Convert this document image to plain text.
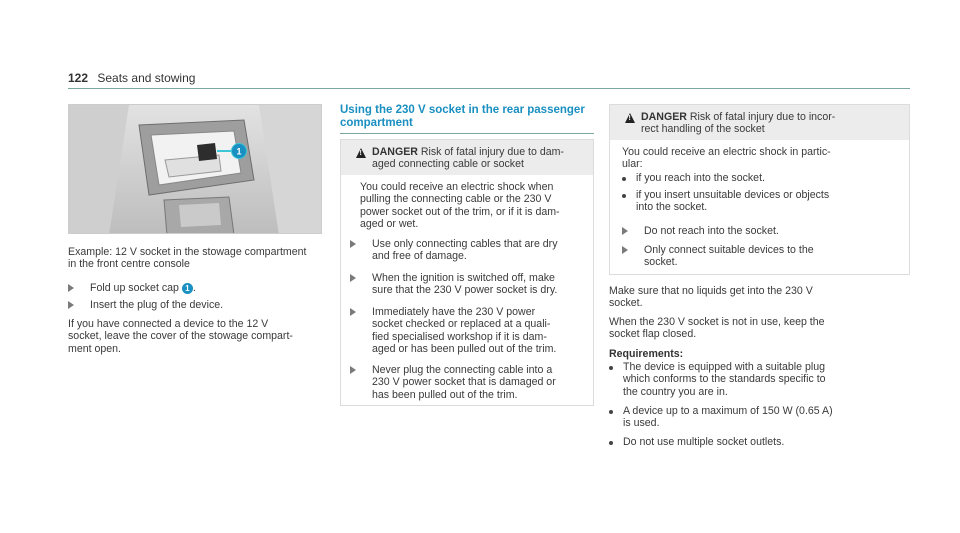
122 Seats and stowing
1
Example: 12 V socket in the stowage compartment
in the front centre console
Fold up socket cap 1 .
Insert the plug of the device.
If you have connected a device to the 12 V
socket, leave the cover of the stowage compart-
ment open.
Using the 230 V socket in the rear passenger
compartment
!
DANGER Risk of fatal injury due to dam-
aged connecting cable or socket
You could receive an electric shock when
pulling the connecting cable or the 230 V
power socket out of the trim, or if it is dam-
aged or wet.
Use only connecting cables that are dry
and free of damage.
When the ignition is switched off, make
sure that the 230 V power socket is dry.
Immediately have the 230 V power
socket checked or replaced at a quali-
fied specialised workshop if it is dam-
aged or has been pulled out of the trim.
Never plug the connecting cable into a
230 V power socket that is damaged or
has been pulled out of the trim.
!
DANGER Risk of fatal injury due to incor-
rect handling of the socket
You could receive an electric shock in partic-
ular:
if you reach into the socket.
if you insert unsuitable devices or objects
into the socket.
Do not reach into the socket.
Only connect suitable devices to the
socket.
Make sure that no liquids get into the 230 V
socket.
When the 230 V socket is not in use, keep the
socket flap closed.
Requirements:
The device is equipped with a suitable plug
which conforms to the standards specific to
the country you are in.
A device up to a maximum of 150 W (0.65 A)
is used.
Do not use multiple socket outlets.
